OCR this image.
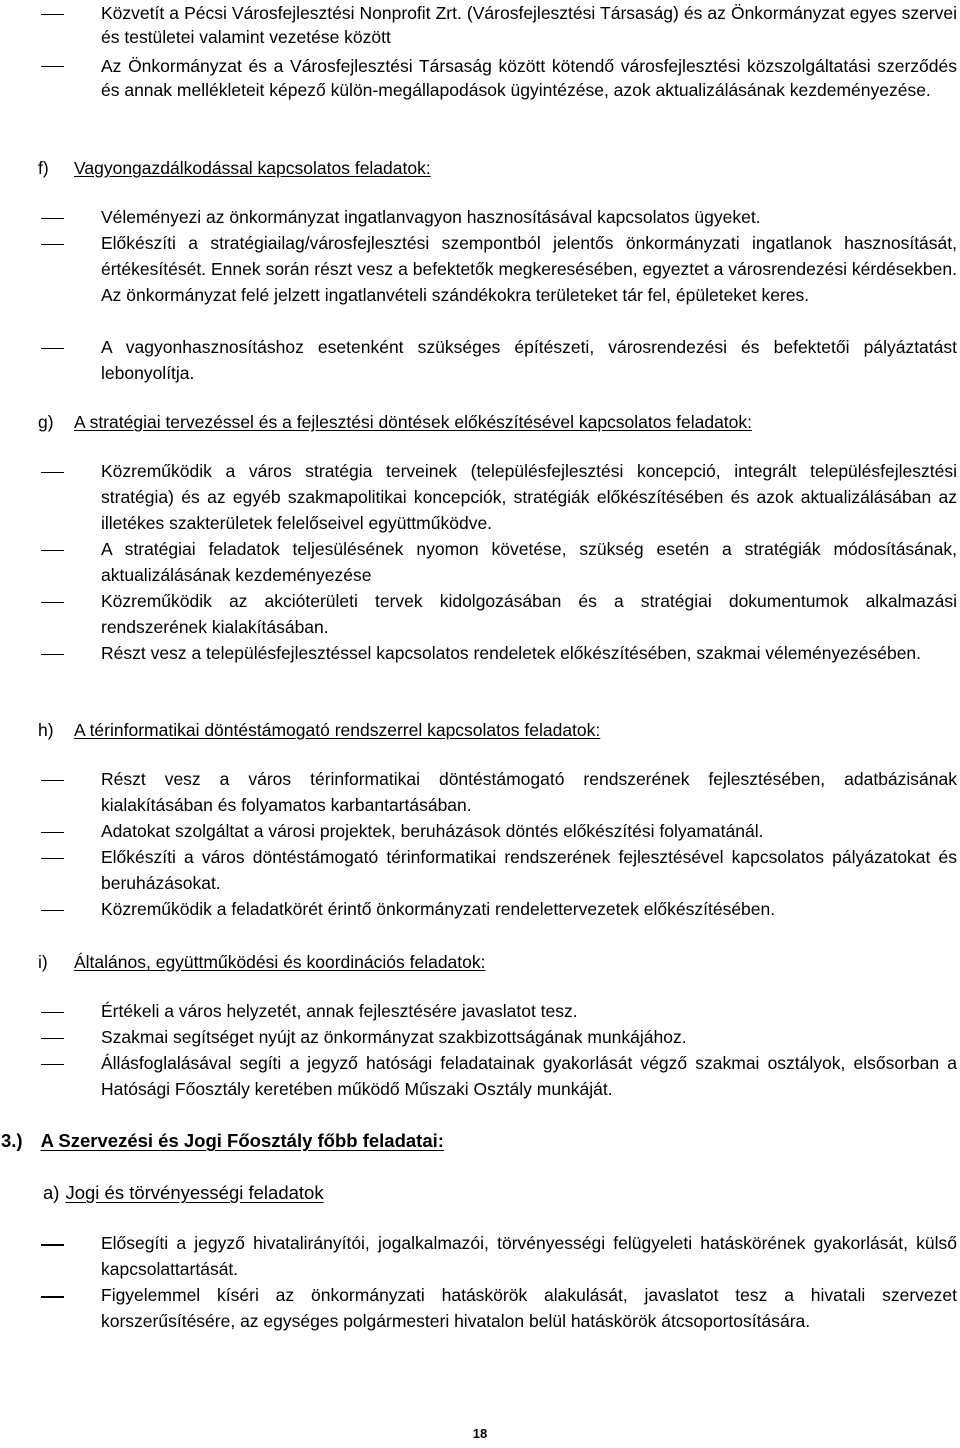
Közvetít a Pécsi Városfejlesztési Nonprofit Zrt. (Városfejlesztési Társaság) és az Önkormányzat egyes szervei és testületei valamint vezetése között
Az Önkormányzat és a Városfejlesztési Társaság között kötendő városfejlesztési közszolgáltatási szerződés és annak mellékleteit képező külön-megállapodások ügyintézése, azok aktualizálásának kezdeményezése.
f) Vagyongazdálkodással kapcsolatos feladatok:
Véleményezi az önkormányzat ingatlanvagyon hasznosításával kapcsolatos ügyeket.
Előkészíti a stratégiailag/városfejlesztési szempontból jelentős önkormányzati ingatlanok hasznosítását, értékesítését. Ennek során részt vesz a befektetők megkeresésében, egyeztet a városrendezési kérdésekben. Az önkormányzat felé jelzett ingatlanvételi szándékokra területeket tár fel, épületeket keres.
A vagyonhasznosításhoz esetenként szükséges építészeti, városrendezési és befektetői pályáztatást lebonyolítja.
g) A stratégiai tervezéssel és a fejlesztési döntések előkészítésével kapcsolatos feladatok:
Közreműködik a város stratégia terveinek (településfejlesztési koncepció, integrált településfejlesztési stratégia) és az egyéb szakmapolitikai koncepciók, stratégiák előkészítésében és azok aktualizálásában az illetékes szakterületek felelőseivel együttműködve.
A stratégiai feladatok teljesülésének nyomon követése, szükség esetén a stratégiák módosításának, aktualizálásának kezdeményezése
Közreműködik az akcióterületi tervek kidolgozásában és a stratégiai dokumentumok alkalmazási rendszerének kialakításában.
Részt vesz a településfejlesztéssel kapcsolatos rendeletek előkészítésében, szakmai véleményezésében.
h) A térinformatikai döntéstámogató rendszerrel kapcsolatos feladatok:
Részt vesz a város térinformatikai döntéstámogató rendszerének fejlesztésében, adatbázisának kialakításában és folyamatos karbantartásában.
Adatokat szolgáltat a városi projektek, beruházások döntés előkészítési folyamatánál.
Előkészíti a város döntéstámogató térinformatikai rendszerének fejlesztésével kapcsolatos pályázatokat és beruházásokat.
Közreműködik a feladatkörét érintő önkormányzati rendelettervezetek előkészítésében.
i) Általános, együttműködési és koordinációs feladatok:
Értékeli a város helyzetét, annak fejlesztésére javaslatot tesz.
Szakmai segítséget nyújt az önkormányzat szakbizottságának munkájához.
Állásfoglalásával segíti a jegyző hatósági feladatainak gyakorlását végző szakmai osztályok, elsősorban a Hatósági Főosztály keretében működő Műszaki Osztály munkáját.
3.) A Szervezési és Jogi Főosztály főbb feladatai:
a) Jogi és törvényességi feladatok
Elősegíti a jegyző hivatalirányítói, jogalkalmazói, törvényességi felügyeleti hatáskörének gyakorlását, külső kapcsolattartását.
Figyelemmel kíséri az önkormányzati hatáskörök alakulását, javaslatot tesz a hivatali szervezet korszerűsítésére, az egységes polgármesteri hivatalon belül hatáskörök átcsoportosítására.
18
